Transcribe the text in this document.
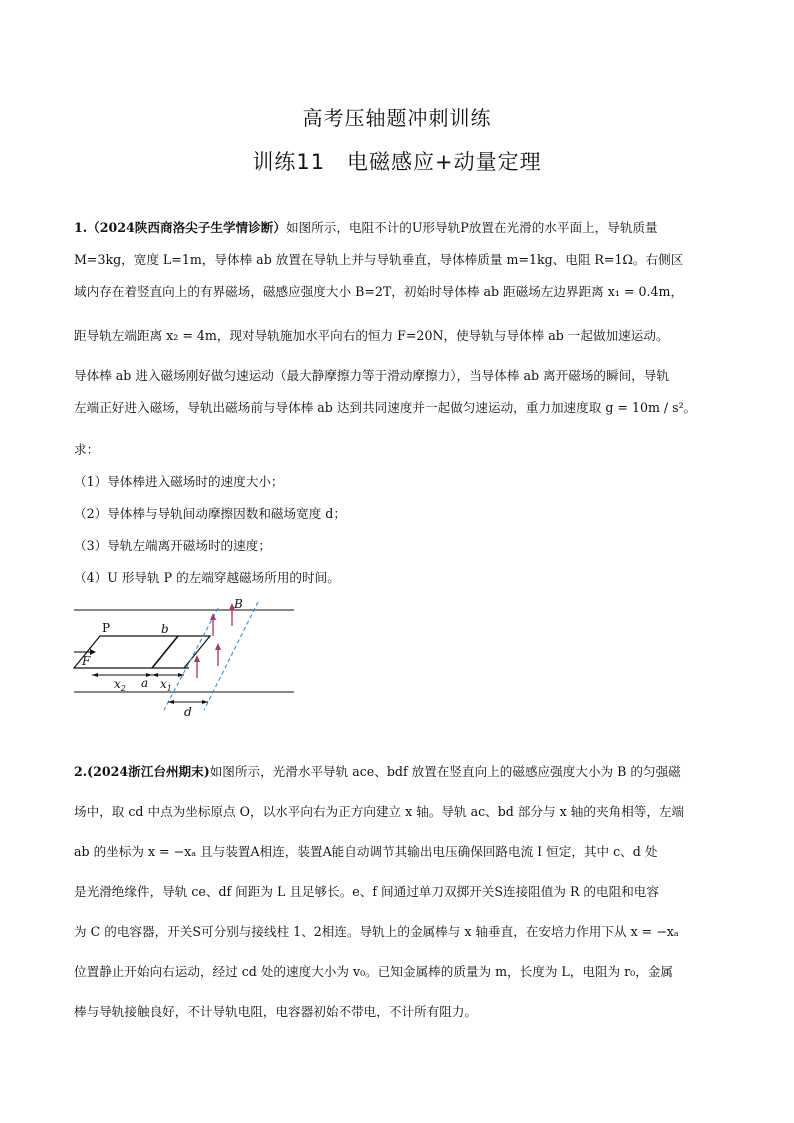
高考压轴题冲刺训练
训练11　电磁感应+动量定理
1.（2024陕西商洛尖子生学情诊断）如图所示，电阻不计的U形导轨P放置在光滑的水平面上，导轨质量
M=3kg，宽度 L=1m，导体棒 ab 放置在导轨上并与导轨垂直，导体棒质量 m=1kg、电阻 R=1Ω。右侧区
域内存在着竖直向上的有界磁场，磁感应强度大小 B=2T，初始时导体棒 ab 距磁场左边界距离 x₁ = 0.4m，
距导轨左端距离 x₂ = 4m，现对导轨施加水平向右的恒力 F=20N，使导轨与导体棒 ab 一起做加速运动。
导体棒 ab 进入磁场刚好做匀速运动（最大静摩擦力等于滑动摩擦力），当导体棒 ab 离开磁场的瞬间，导轨
左端正好进入磁场，导轨出磁场前与导体棒 ab 达到共同速度并一起做匀速运动，重力加速度取 g = 10m / s²。
求：
（1）导体棒进入磁场时的速度大小；
（2）导体棒与导轨间动摩擦因数和磁场宽度 d；
（3）导轨左端离开磁场时的速度；
（4）U 形导轨 P 的左端穿越磁场所用的时间。
P	b
B
F
$x_2$ a $x_1$
d
2.(2024浙江台州期末)如图所示，光滑水平导轨 ace、bdf 放置在竖直向上的磁感应强度大小为 B 的匀强磁
场中，取 cd 中点为坐标原点 O，以水平向右为正方向建立 x 轴。导轨 ac、bd 部分与 x 轴的夹角相等，左端
ab 的坐标为 x = −xₐ 且与装置A相连，装置A能自动调节其输出电压确保回路电流 I 恒定，其中 c、d 处
是光滑绝缘件，导轨 ce、df 间距为 L 且足够长。e、f 间通过单刀双掷开关S连接阻值为 R 的电阻和电容
为 C 的电容器，开关S可分别与接线柱 1、2相连。导轨上的金属棒与 x 轴垂直，在安培力作用下从 x = −xₐ
位置静止开始向右运动，经过 cd 处的速度大小为 v₀。已知金属棒的质量为 m，长度为 L，电阻为 r₀，金属
棒与导轨接触良好，不计导轨电阻，电容器初始不带电，不计所有阻力。
